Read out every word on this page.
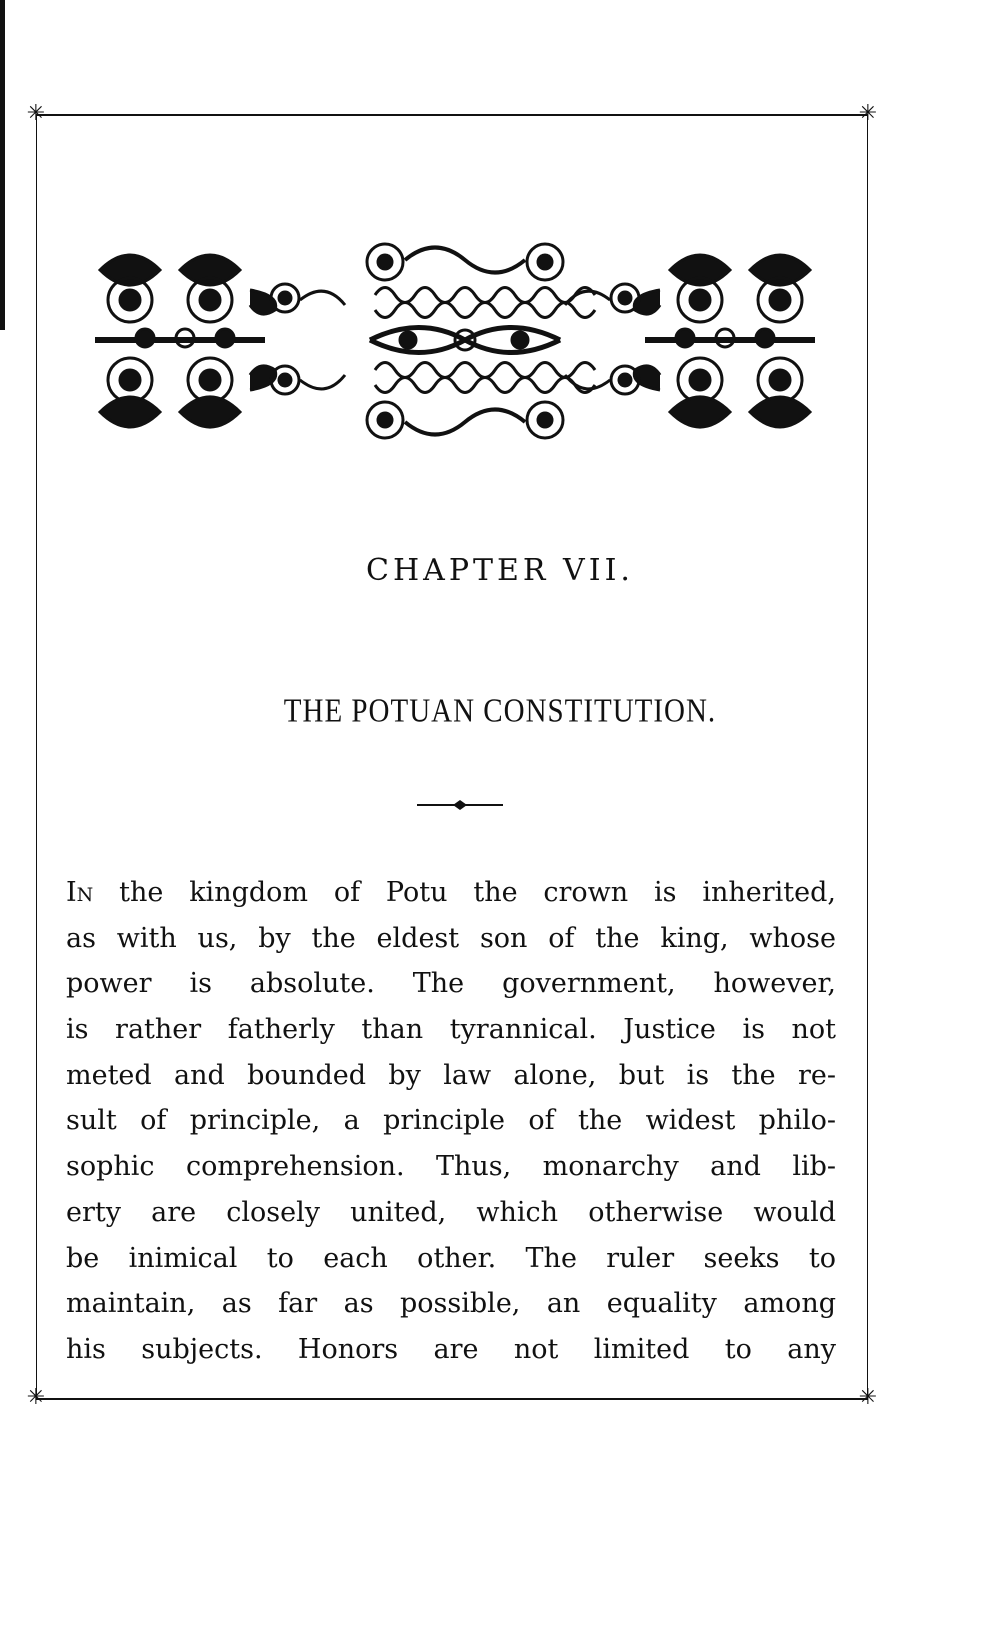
✳	✳
✳	✳
CHAPTER VII.
THE POTUAN CONSTITUTION.
In the kingdom of Potu the crown is inherited,
as with us, by the eldest son of the king, whose
power is absolute. The government, however,
is rather fatherly than tyrannical. Justice is not
meted and bounded by law alone, but is the re-
sult of principle, a principle of the widest philo-
sophic comprehension. Thus, monarchy and lib-
erty are closely united, which otherwise would
be inimical to each other. The ruler seeks to
maintain, as far as possible, an equality among
his subjects. Honors are not limited to any
